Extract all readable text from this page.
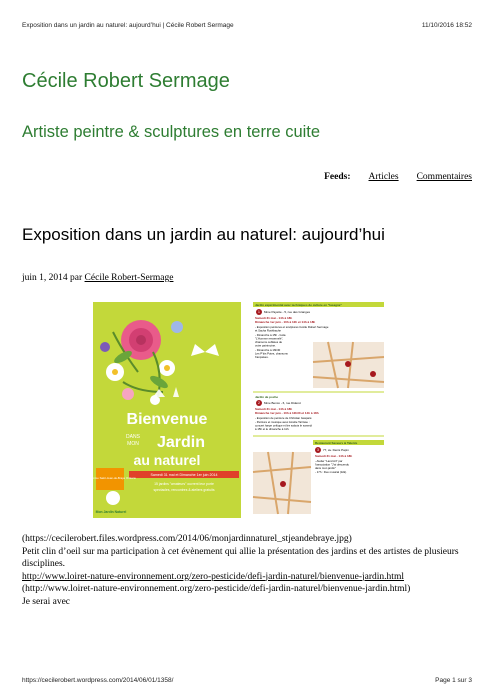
Exposition dans un jardin au naturel: aujourd’hui | Cécile Robert Sermage	11/10/2016 18:52
Cécile Robert Sermage
Artiste peintre & sculptures en terre cuite
Feeds: Articles Commentaires
Exposition dans un jardin au naturel: aujourd’hui
juin 1, 2014 par Cécile Robert-Sermage
Bienvenue
DANS
MON Jardin
au naturel
Samedi 31 mai et Dimanche 1er juin 2014
15 jardins "amateurs" ouvrent leur porte
spectacles, rencontres & ateliers gratuits
Programme Saint-Jean-de-Braye Orléans
Mon Jardin Naturel
Jardin expérimental avec techniques de culture en "lasagne"
1 Mme Payette - 5, rue des Granges
Samedi 31 mai - 14h à 18h
Dimanche 1er juin - 10h à 12h et 14h à 18h
- Exposition peintures et sculptures Cécile Robert Sermage
et Sacha Roshbache
- Dimanche à 15h - Gola
"L’Homme ressemelé",
chansons oubliées de
votre patrimoine.
- Dimanche à 16h30
Les P’tits Potes, chansons
françaises.
Jardin de poche
2 Mme Benco - 6, rue Diderot
Samedi 31 mai - 14h à 18h
Dimanche 1er juin - 10h à 12h30 et 14h à 18h
- Exposition de peinture de Christian Gasparé
- Peinture et musique avec Amélie Tarrisse :
concert harpe celtique et lire sabots le samedi
à 15h et le dimanche à 11h.
Restaurant Saveurs & Talents
3 77, av. Denis Papin
Samedi 31 mai - 14h à 18h
- Atelier "Land Art" par
l’association "J’ai descendu
dans mon jardin"
- 17h : Duo musical (folk).

(https://cecilerobert.files.wordpress.com/2014/06/monjardinnaturel_stjeandebraye.jpg)

Petit clin d’oeil sur ma participation à cet évènement qui allie la présentation des jardins et des artistes de plusieurs disciplines.

http://www.loiret-nature-environnement.org/zero-pesticide/defi-jardin-naturel/bienvenue-jardin.html (http://www.loiret-nature-environnement.org/zero-pesticide/defi-jardin-naturel/bienvenue-jardin.html)

Je serai avec

https://cecilerobert.wordpress.com/2014/06/01/1358/	Page 1 sur 3
